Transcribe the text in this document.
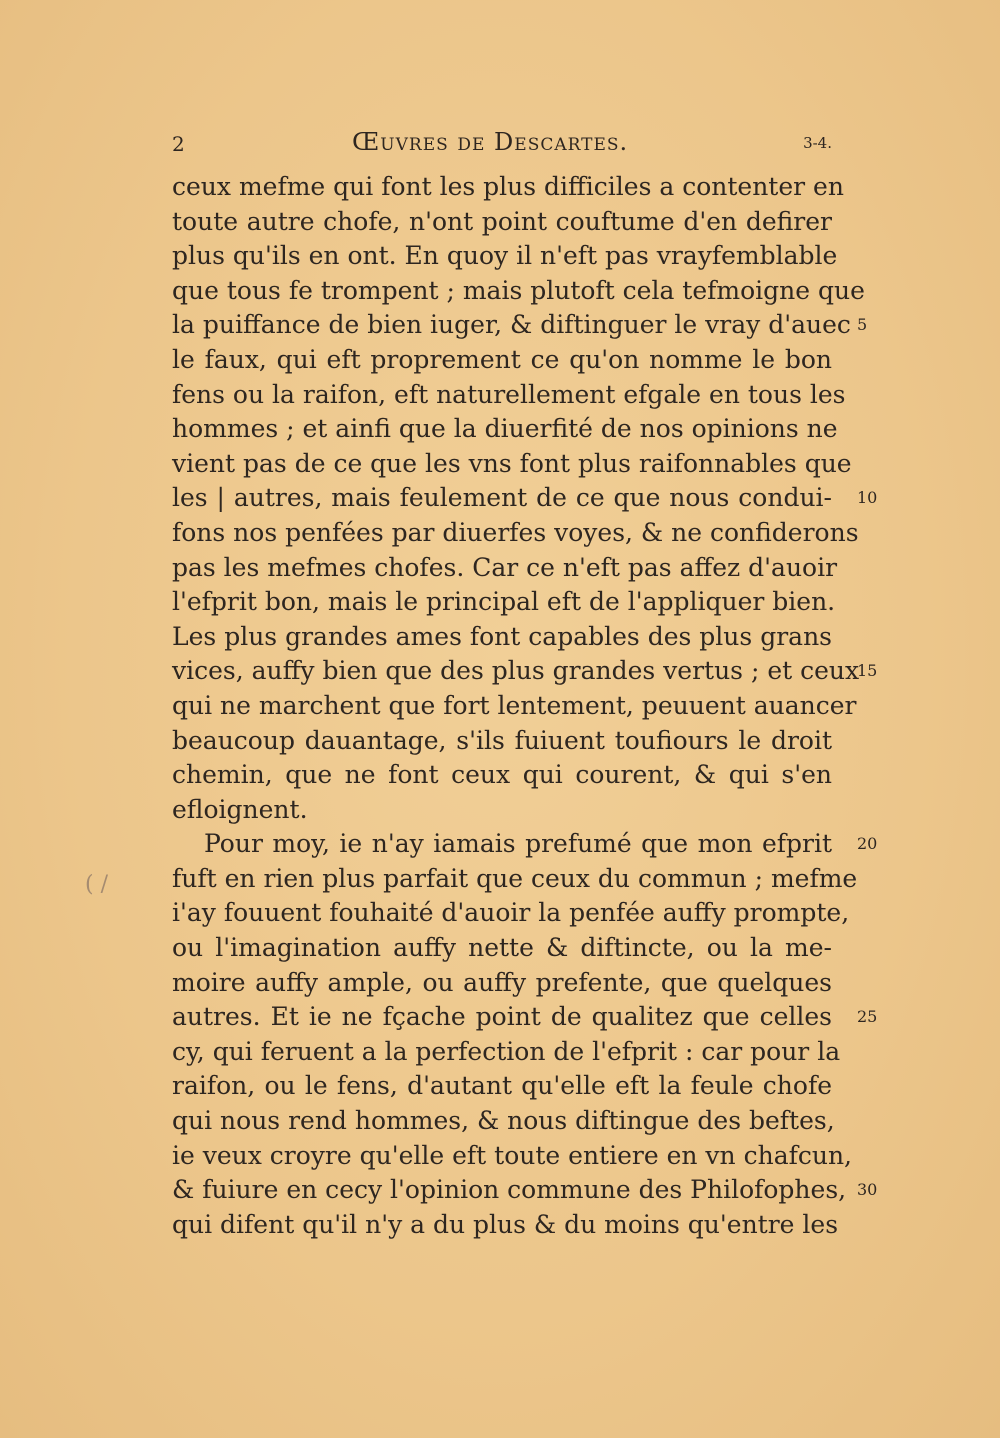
2	Œuvres de Descartes.	3-4.
ceux mefme qui font les plus difficiles a contenter en
toute autre chofe, n'ont point couftume d'en defirer
plus qu'ils en ont. En quoy il n'eft pas vrayfemblable
que tous fe trompent ; mais plutoft cela tefmoigne que
la puiffance de bien iuger, & diftinguer le vray d'auec 5
le faux, qui eft proprement ce qu'on nomme le bon
fens ou la raifon, eft naturellement efgale en tous les
hommes ; et ainfi que la diuerfité de nos opinions ne
vient pas de ce que les vns font plus raifonnables que
les | autres, mais feulement de ce que nous condui- 10
fons nos penfées par diuerfes voyes, & ne confiderons
pas les mefmes chofes. Car ce n'eft pas affez d'auoir
l'efprit bon, mais le principal eft de l'appliquer bien.
Les plus grandes ames font capables des plus grans
vices, auffy bien que des plus grandes vertus ; et ceux
15
qui ne marchent que fort lentement, peuuent auancer
beaucoup dauantage, s'ils fuiuent toufiours le droit
chemin, que ne font ceux qui courent, & qui s'en
efloignent.
Pour moy, ie n'ay iamais prefumé que mon efprit 20
fuft en rien plus parfait que ceux du commun ; mefme
i'ay fouuent fouhaité d'auoir la penfée auffy prompte,
ou l'imagination auffy nette & diftincte, ou la me-
moire auffy ample, ou auffy prefente, que quelques
autres. Et ie ne fçache point de qualitez que celles 25
cy, qui feruent a la perfection de l'efprit : car pour la
raifon, ou le fens, d'autant qu'elle eft la feule chofe
qui nous rend hommes, & nous diftingue des beftes,
ie veux croyre qu'elle eft toute entiere en vn chafcun,
& fuiure en cecy l'opinion commune des Philofophes, 30
qui difent qu'il n'y a du plus & du moins qu'entre les
( /
